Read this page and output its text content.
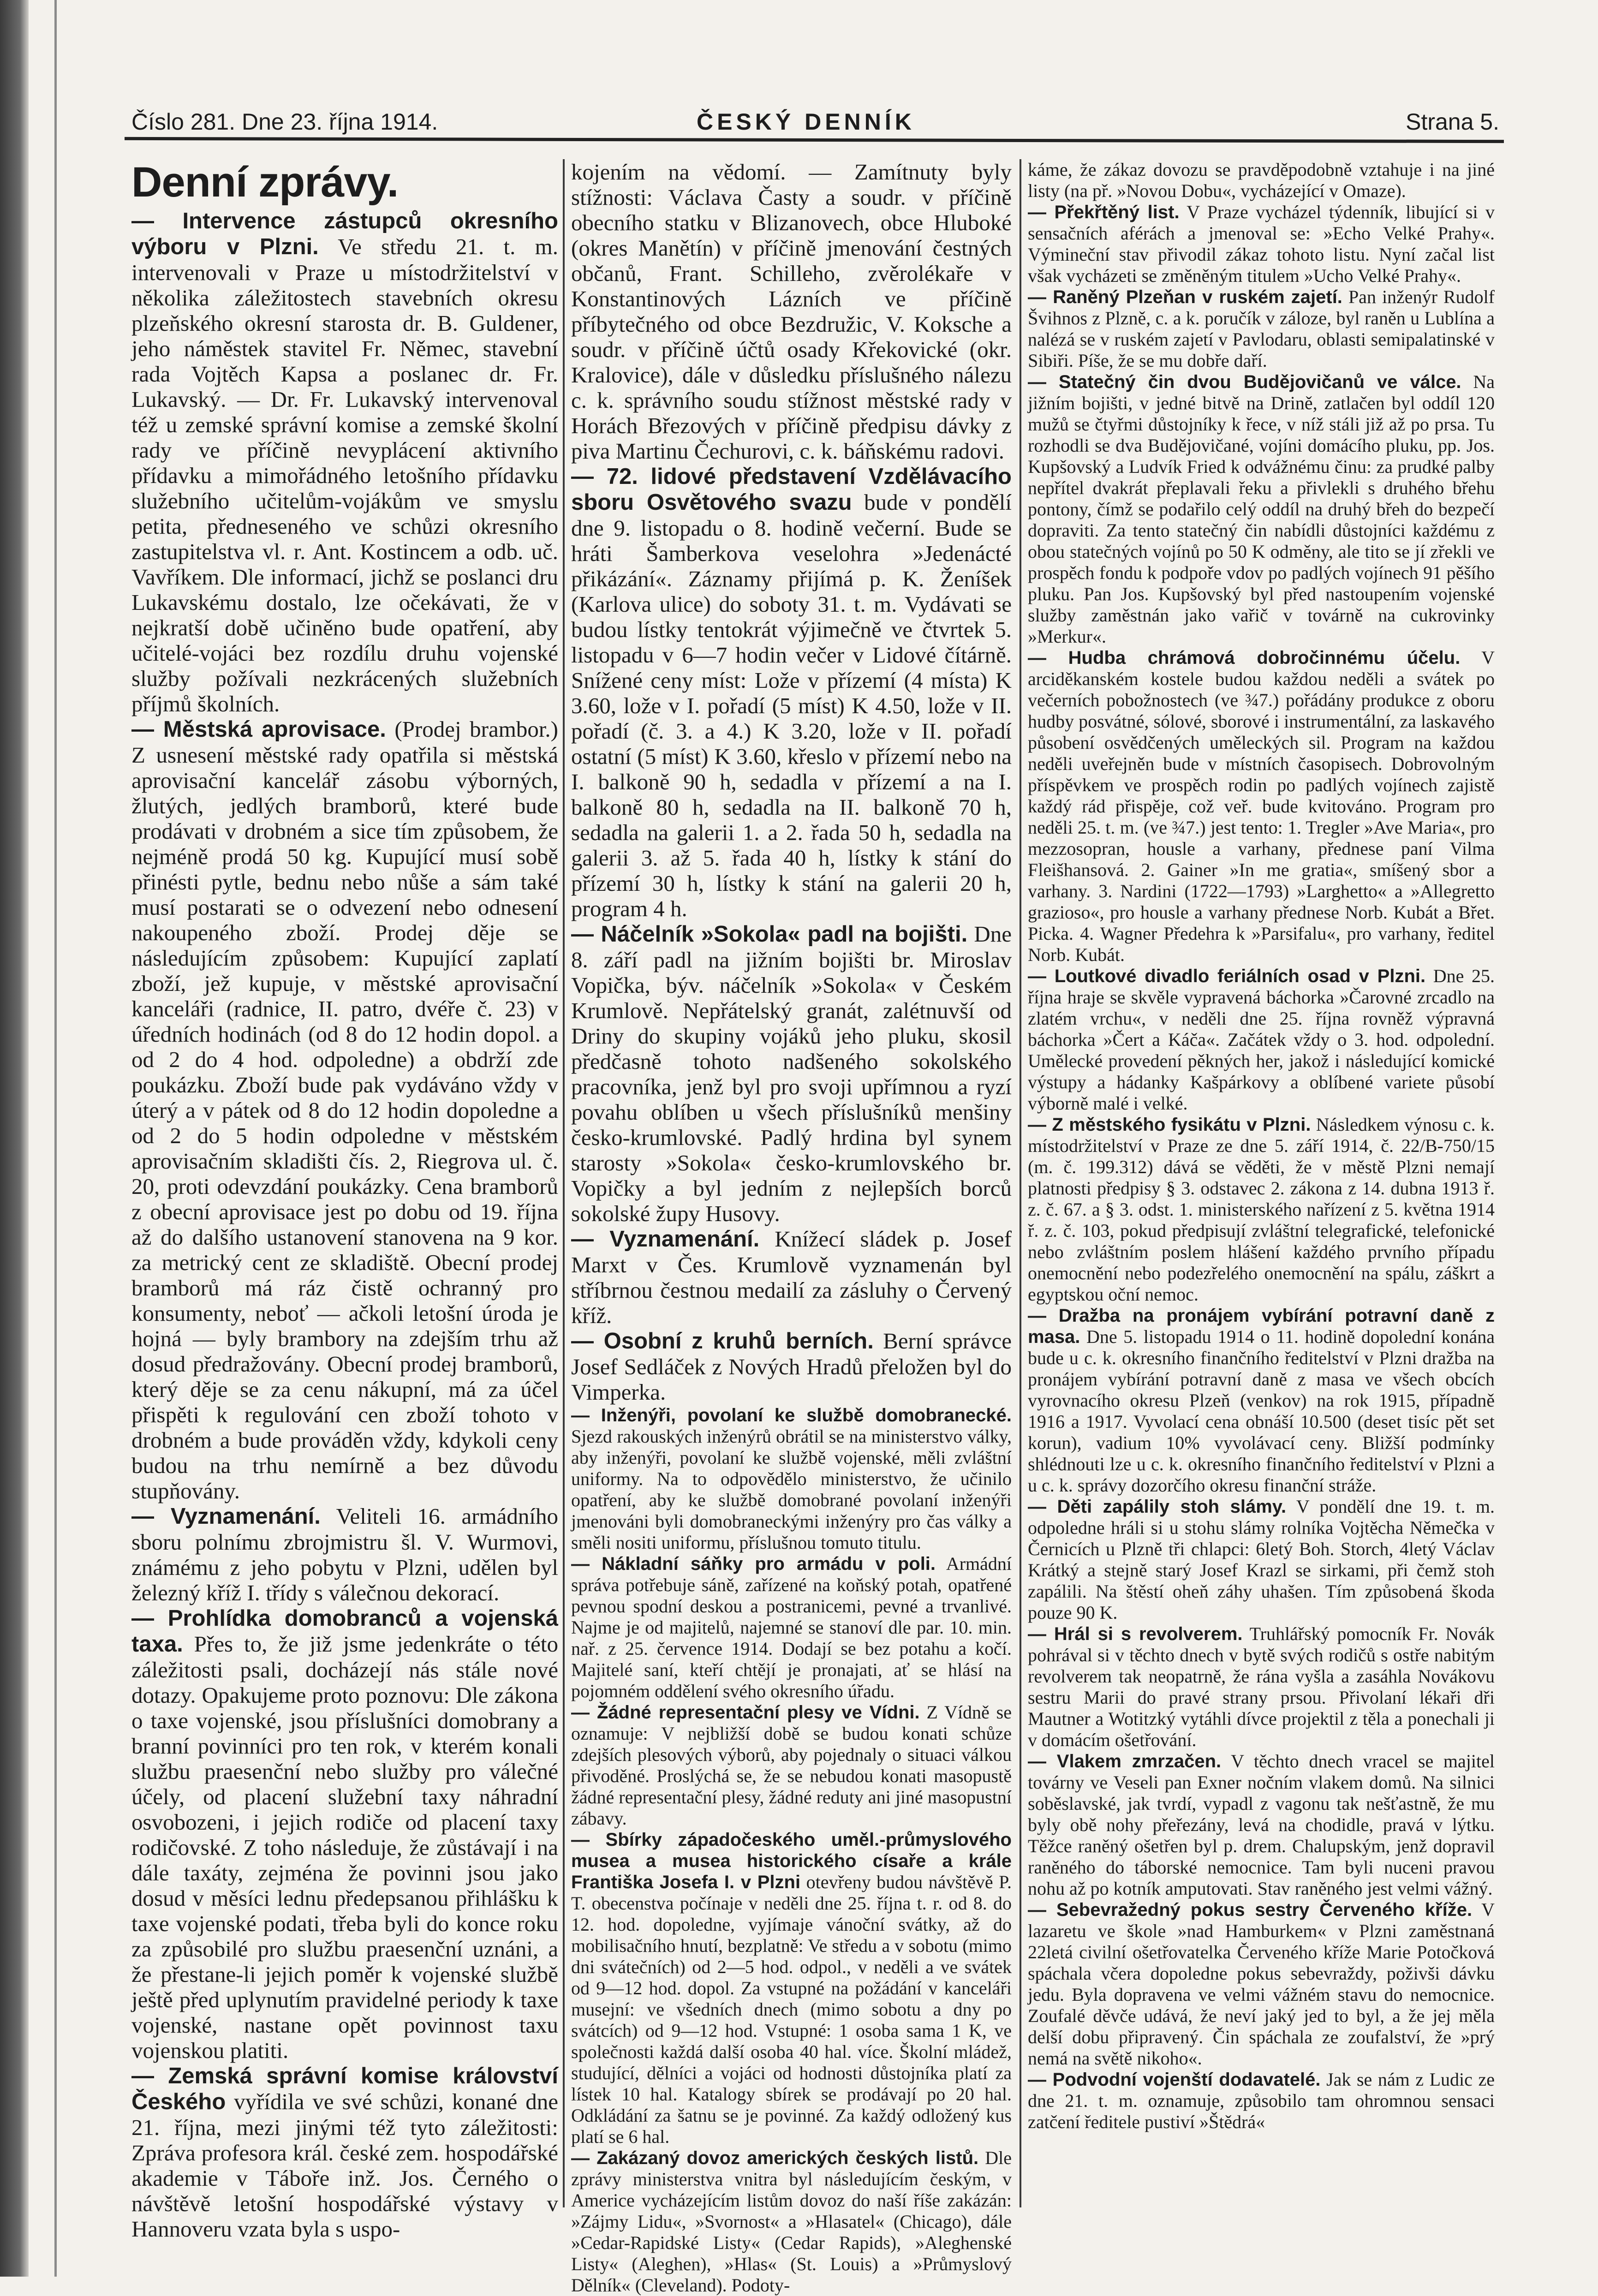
Číslo 281. Dne 23. října 1914.	ČESKÝ DENNÍK	Strana 5.
Denní zprávy.

— Intervence zástupců okresního výboru v Plzni. Ve středu 21. t. m. intervenovali v Praze u místodržitelství v několika záležitostech stavebních okresu plzeňského okresní starosta dr. B. Guldener, jeho náměstek stavitel Fr. Němec, stavební rada Vojtěch Kapsa a poslanec dr. Fr. Lukavský. — Dr. Fr. Lukavský intervenoval též u zemské správní komise a zemské školní rady ve příčině nevyplácení aktivního přídavku a mimořádného letošního přídavku služebního učitelům-vojákům ve smyslu petita, předneseného ve schůzi okresního zastupitelstva vl. r. Ant. Kostincem a odb. uč. Vavříkem. Dle informací, jichž se poslanci dru Lukavskému dostalo, lze očekávati, že v nejkratší době učiněno bude opatření, aby učitelé-vojáci bez rozdílu druhu vojenské služby požívali nezkrácených služebních příjmů školních.

— Městská aprovisace. (Prodej brambor.) Z usnesení městské rady opatřila si městská aprovisační kancelář zásobu výborných, žlutých, jedlých bramborů, které bude prodávati v drobném a sice tím způsobem, že nejméně prodá 50 kg. Kupující musí sobě přinésti pytle, bednu nebo nůše a sám také musí postarati se o odvezení nebo odnesení nakoupeného zboží. Prodej děje se následujícím způsobem: Kupující zaplatí zboží, jež kupuje, v městské aprovisační kanceláři (radnice, II. patro, dvéře č. 23) v úředních hodinách (od 8 do 12 hodin dopol. a od 2 do 4 hod. odpoledne) a obdrží zde poukázku. Zboží bude pak vydáváno vždy v úterý a v pátek od 8 do 12 hodin dopoledne a od 2 do 5 hodin odpoledne v městském aprovisačním skladišti čís. 2, Riegrova ul. č. 20, proti odevzdání poukázky. Cena bramborů z obecní aprovisace jest po dobu od 19. října až do dalšího ustanovení stanovena na 9 kor. za metrický cent ze skladiště. Obecní prodej bramborů má ráz čistě ochranný pro konsumenty, neboť — ačkoli letošní úroda je hojná — byly brambory na zdejším trhu až dosud předražovány. Obecní prodej bramborů, který děje se za cenu nákupní, má za účel přispěti k regulování cen zboží tohoto v drobném a bude prováděn vždy, kdykoli ceny budou na trhu nemírně a bez důvodu stupňovány.

— Vyznamenání. Veliteli 16. armádního sboru polnímu zbrojmistru šl. V. Wurmovi, známému z jeho pobytu v Plzni, udělen byl železný kříž I. třídy s válečnou dekorací.

— Prohlídka domobranců a vojenská taxa. Přes to, že již jsme jedenkráte o této záležitosti psali, docházejí nás stále nové dotazy. Opakujeme proto poznovu: Dle zákona o taxe vojenské, jsou příslušníci domobrany a branní povinníci pro ten rok, v kterém konali službu praesenční nebo služby pro válečné účely, od placení služební taxy náhradní osvobozeni, i jejich rodiče od placení taxy rodičovské. Z toho následuje, že zůstávají i na dále taxáty, zejména že povinni jsou jako dosud v měsíci lednu předepsanou přihlášku k taxe vojenské podati, třeba byli do konce roku za způsobilé pro službu praesenční uznáni, a že přestane-li jejich poměr k vojenské službě ještě před uplynutím pravidelné periody k taxe vojenské, nastane opět povinnost taxu vojenskou platiti.

— Zemská správní komise království Českého vyřídila ve své schůzi, konané dne 21. října, mezi jinými též tyto záležitosti: Zpráva profesora král. české zem. hospodářské akademie v Táboře inž. Jos. Černého o návštěvě letošní hospodářské výstavy v Hannoveru vzata byla s uspo-

kojením na vědomí. — Zamítnuty byly stížnosti: Václava Časty a soudr. v příčině obecního statku v Blizanovech, obce Hluboké (okres Manětín) v příčině jmenování čestných občanů, Frant. Schilleho, zvěrolékaře v Konstantinových Lázních ve příčině příbytečného od obce Bezdružic, V. Koksche a soudr. v příčině účtů osady Křekovické (okr. Kralovice), dále v důsledku příslušného nálezu c. k. správního soudu stížnost městské rady v Horách Březových v příčině předpisu dávky z piva Martinu Čechurovi, c. k. báňskému radovi.

— 72. lidové představení Vzdělávacího sboru Osvětového svazu bude v pondělí dne 9. listopadu o 8. hodině večerní. Bude se hráti Šamberkova veselohra »Jedenácté přikázání«. Záznamy přijímá p. K. Ženíšek (Karlova ulice) do soboty 31. t. m. Vydávati se budou lístky tentokrát výjimečně ve čtvrtek 5. listopadu v 6—7 hodin večer v Lidové čítárně. Snížené ceny míst: Lože v přízemí (4 místa) K 3.60, lože v I. pořadí (5 míst) K 4.50, lože v II. pořadí (č. 3. a 4.) K 3.20, lože v II. pořadí ostatní (5 míst) K 3.60, křeslo v přízemí nebo na I. balkoně 90 h, sedadla v přízemí a na I. balkoně 80 h, sedadla na II. balkoně 70 h, sedadla na galerii 1. a 2. řada 50 h, sedadla na galerii 3. až 5. řada 40 h, lístky k stání do přízemí 30 h, lístky k stání na galerii 20 h, program 4 h.

— Náčelník »Sokola« padl na bojišti. Dne 8. září padl na jižním bojišti br. Miroslav Vopička, býv. náčelník »Sokola« v Českém Krumlově. Nepřátelský granát, zalétnuvší od Driny do skupiny vojáků jeho pluku, skosil předčasně tohoto nadšeného sokolského pracovníka, jenž byl pro svoji upřímnou a ryzí povahu oblíben u všech příslušníků menšiny česko-krumlovské. Padlý hrdina byl synem starosty »Sokola« česko-krumlovského br. Vopičky a byl jedním z nejlepších borců sokolské župy Husovy.

— Vyznamenání. Knížecí sládek p. Josef Marxt v Čes. Krumlově vyznamenán byl stříbrnou čestnou medailí za zásluhy o Červený kříž.

— Osobní z kruhů berních. Berní správce Josef Sedláček z Nových Hradů přeložen byl do Vimperka.

— Inženýři, povolaní ke službě domobranecké. Sjezd rakouských inženýrů obrátil se na ministerstvo války, aby inženýři, povolaní ke službě vojenské, měli zvláštní uniformy. Na to odpovědělo ministerstvo, že učinilo opatření, aby ke službě domobrané povolaní inženýři jmenováni byli domobraneckými inženýry pro čas války a směli nositi uniformu, příslušnou tomuto titulu.

— Nákladní sáňky pro armádu v poli. Armádní správa potřebuje sáně, zařízené na koňský potah, opatřené pevnou spodní deskou a postranicemi, pevné a trvanlivé. Najme je od majitelů, najemné se stanoví dle par. 10. min. nař. z 25. července 1914. Dodají se bez potahu a kočí. Majitelé saní, kteří chtějí je pronajati, ať se hlásí na pojomném oddělení svého okresního úřadu.

— Žádné representační plesy ve Vídni. Z Vídně se oznamuje: V nejbližší době se budou konati schůze zdejších plesových výborů, aby pojednaly o situaci válkou přivoděné. Proslýchá se, že se nebudou konati masopustě žádné representační plesy, žádné reduty ani jiné masopustní zábavy.

— Sbírky západočeského uměl.-průmyslového musea a musea historického císaře a krále Františka Josefa I. v Plzni otevřeny budou návštěvě P. T. obecenstva počínaje v neděli dne 25. října t. r. od 8. do 12. hod. dopoledne, vyjímaje vánoční svátky, až do mobilisačního hnutí, bezplatně: Ve středu a v sobotu (mimo dni svátečních) od 2—5 hod. odpol., v neděli a ve svátek od 9—12 hod. dopol. Za vstupné na požádání v kanceláři musejní: ve všedních dnech (mimo sobotu a dny po svátcích) od 9—12 hod. Vstupné: 1 osoba sama 1 K, ve společnosti každá další osoba 40 hal. více. Školní mládež, studující, dělníci a vojáci od hodnosti důstojníka platí za lístek 10 hal. Katalogy sbírek se prodávají po 20 hal. Odkládání za šatnu se je povinné. Za každý odložený kus platí se 6 hal.

— Zakázaný dovoz amerických českých listů. Dle zprávy ministerstva vnitra byl následujícím českým, v Americe vycházejícím listům dovoz do naší říše zakázán: »Zájmy Lidu«, »Svornost« a »Hlasatel« (Chicago), dále »Cedar-Rapidské Listy« (Cedar Rapids), »Aleghenské Listy« (Aleghen), »Hlas« (St. Louis) a »Průmyslový Dělník« (Cleveland). Podoty-

káme, že zákaz dovozu se pravděpodobně vztahuje i na jiné listy (na př. »Novou Dobu«, vycházející v Omaze).

— Překřtěný list. V Praze vycházel týdenník, libující si v sensačních aférách a jmenoval se: »Echo Velké Prahy«. Výmineční stav přivodil zákaz tohoto listu. Nyní začal list však vycházeti se změněným titulem »Ucho Velké Prahy«.

— Raněný Plzeňan v ruském zajetí. Pan inženýr Rudolf Švihnos z Plzně, c. a k. poručík v záloze, byl raněn u Lublína a nalézá se v ruském zajetí v Pavlodaru, oblasti semipalatinské v Sibiři. Píše, že se mu dobře daří.

— Statečný čin dvou Budějovičanů ve válce. Na jižním bojišti, v jedné bitvě na Drině, zatlačen byl oddíl 120 mužů se čtyřmi důstojníky k řece, v níž stáli již až po prsa. Tu rozhodli se dva Budějovičané, vojíni domácího pluku, pp. Jos. Kupšovský a Ludvík Fried k odvážnému činu: za prudké palby nepřítel dvakrát přeplavali řeku a přivlekli s druhého břehu pontony, čímž se podařilo celý oddíl na druhý břeh do bezpečí dopraviti. Za tento statečný čin nabídli důstojníci každému z obou statečných vojínů po 50 K odměny, ale tito se jí zřekli ve prospěch fondu k podpoře vdov po padlých vojínech 91 pěšího pluku. Pan Jos. Kupšovský byl před nastoupením vojenské služby zaměstnán jako vařič v továrně na cukrovinky »Merkur«.

— Hudba chrámová dobročinnému účelu. V arciděkanském kostele budou každou neděli a svátek po večerních pobožnostech (ve ¾7.) pořádány produkce z oboru hudby posvátné, sólové, sborové i instrumentální, za laskavého působení osvědčených uměleckých sil. Program na každou neděli uveřejněn bude v místních časopisech. Dobrovolným příspěvkem ve prospěch rodin po padlých vojínech zajistě každý rád přispěje, což veř. bude kvitováno. Program pro neděli 25. t. m. (ve ¾7.) jest tento: 1. Tregler »Ave Maria«, pro mezzosopran, housle a varhany, přednese paní Vilma Fleišhansová. 2. Gainer »In me gratia«, smíšený sbor a varhany. 3. Nardini (1722—1793) »Larghetto« a »Allegretto grazioso«, pro housle a varhany přednese Norb. Kubát a Břet. Picka. 4. Wagner Předehra k »Parsifalu«, pro varhany, ředitel Norb. Kubát.

— Loutkové divadlo feriálních osad v Plzni. Dne 25. října hraje se skvěle vypravená báchorka »Čarovné zrcadlo na zlatém vrchu«, v neděli dne 25. října rovněž výpravná báchorka »Čert a Káča«. Začátek vždy o 3. hod. odpolední. Umělecké provedení pěkných her, jakož i následující komické výstupy a hádanky Kašpárkovy a oblíbené variete působí výborně malé i velké.

— Z městského fysikátu v Plzni. Následkem výnosu c. k. místodržitelství v Praze ze dne 5. září 1914, č. 22/B-750/15 (m. č. 199.312) dává se věděti, že v městě Plzni nemají platnosti předpisy § 3. odstavec 2. zákona z 14. dubna 1913 ř. z. č. 67. a § 3. odst. 1. ministerského nařízení z 5. května 1914 ř. z. č. 103, pokud předpisují zvláštní telegrafické, telefonické nebo zvláštním poslem hlášení každého prvního případu onemocnění nebo podezřelého onemocnění na spálu, záškrt a egyptskou oční nemoc.

— Dražba na pronájem vybírání potravní daně z masa. Dne 5. listopadu 1914 o 11. hodině dopolední konána bude u c. k. okresního finančního ředitelství v Plzni dražba na pronájem vybírání potravní daně z masa ve všech obcích vyrovnacího okresu Plzeň (venkov) na rok 1915, případně 1916 a 1917. Vyvolací cena obnáší 10.500 (deset tisíc pět set korun), vadium 10% vyvolávací ceny. Bližší podmínky shlédnouti lze u c. k. okresního finančního ředitelství v Plzni a u c. k. správy dozorčího okresu finanční stráže.

— Děti zapálily stoh slámy. V pondělí dne 19. t. m. odpoledne hráli si u stohu slámy rolníka Vojtěcha Němečka v Černicích u Plzně tři chlapci: 6letý Boh. Storch, 4letý Václav Krátký a stejně starý Josef Krazl se sirkami, při čemž stoh zapálili. Na štěstí oheň záhy uhašen. Tím způsobená škoda pouze 90 K.

— Hrál si s revolverem. Truhlářský pomocník Fr. Novák pohrával si v těchto dnech v bytě svých rodičů s ostře nabitým revolverem tak neopatrně, že rána vyšla a zasáhla Novákovu sestru Marii do pravé strany prsou. Přivolaní lékaři dři Mautner a Wotitzký vytáhli dívce projektil z těla a ponechali ji v domácím ošetřování.

— Vlakem zmrzačen. V těchto dnech vracel se majitel továrny ve Veseli pan Exner nočním vlakem domů. Na silnici soběslavské, jak tvrdí, vypadl z vagonu tak nešťastně, že mu byly obě nohy přeřezány, levá na chodidle, pravá v lýtku. Těžce raněný ošetřen byl p. drem. Chalupským, jenž dopravil raněného do táborské nemocnice. Tam byli nuceni pravou nohu až po kotník amputovati. Stav raněného jest velmi vážný.

— Sebevražedný pokus sestry Červeného kříže. V lazaretu ve škole »nad Hamburkem« v Plzni zaměstnaná 22letá civilní ošetřovatelka Červeného kříže Marie Potočková spáchala včera dopoledne pokus sebevraždy, poživši dávku jedu. Byla dopravena ve velmi vážném stavu do nemocnice. Zoufalé děvče udává, že neví jaký jed to byl, a že jej měla delší dobu připravený. Čin spáchala ze zoufalství, že »prý nemá na světě nikoho«.

— Podvodní vojenští dodavatelé. Jak se nám z Ludic ze dne 21. t. m. oznamuje, způsobilo tam ohromnou sensaci zatčení ředitele pustiví »Štědrá«
